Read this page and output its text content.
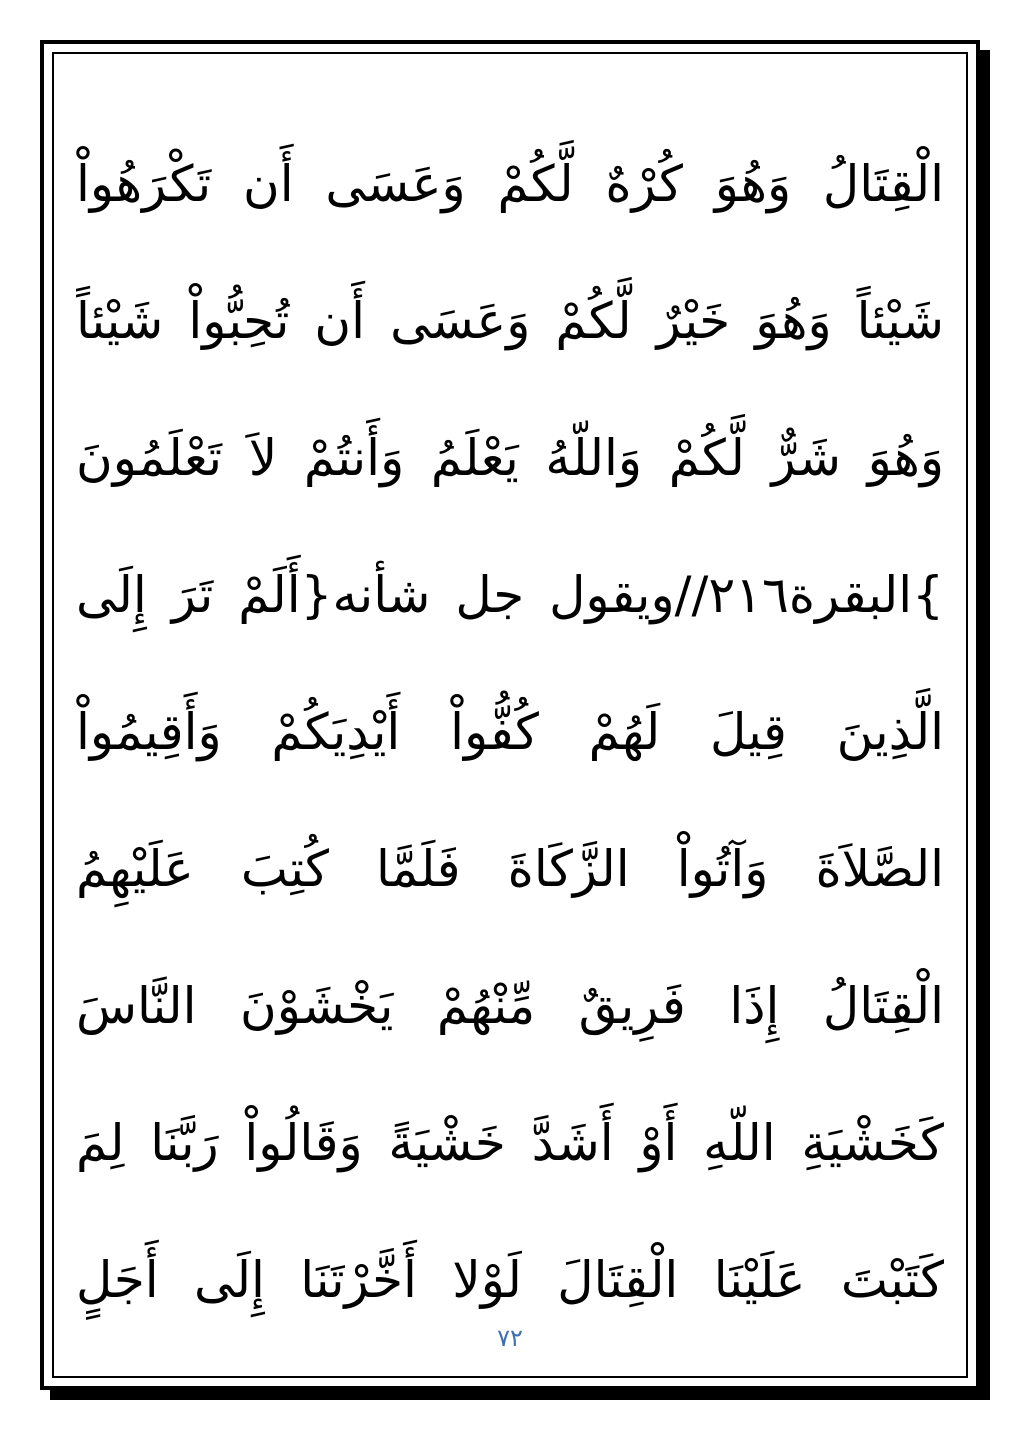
الْقِتَالُ وَهُوَ كُرْهٌ لَّكُمْ وَعَسَى أَن تَكْرَهُواْ
شَيْئاً وَهُوَ خَيْرٌ لَّكُمْ وَعَسَى أَن تُحِبُّواْ شَيْئاً
وَهُوَ شَرٌّ لَّكُمْ وَاللّهُ يَعْلَمُ وَأَنتُمْ لاَ تَعْلَمُونَ
}البقرة٢١٦//ويقول جل شأنه{أَلَمْ تَرَ إِلَى
الَّذِينَ قِيلَ لَهُمْ كُفُّواْ أَيْدِيَكُمْ وَأَقِيمُواْ
الصَّلاَةَ وَآتُواْ الزَّكَاةَ فَلَمَّا كُتِبَ عَلَيْهِمُ
الْقِتَالُ إِذَا فَرِيقٌ مِّنْهُمْ يَخْشَوْنَ النَّاسَ
كَخَشْيَةِ اللّهِ أَوْ أَشَدَّ خَشْيَةً وَقَالُواْ رَبَّنَا لِمَ
كَتَبْتَ عَلَيْنَا الْقِتَالَ لَوْلا أَخَّرْتَنَا إِلَى أَجَلٍ
٧٢
